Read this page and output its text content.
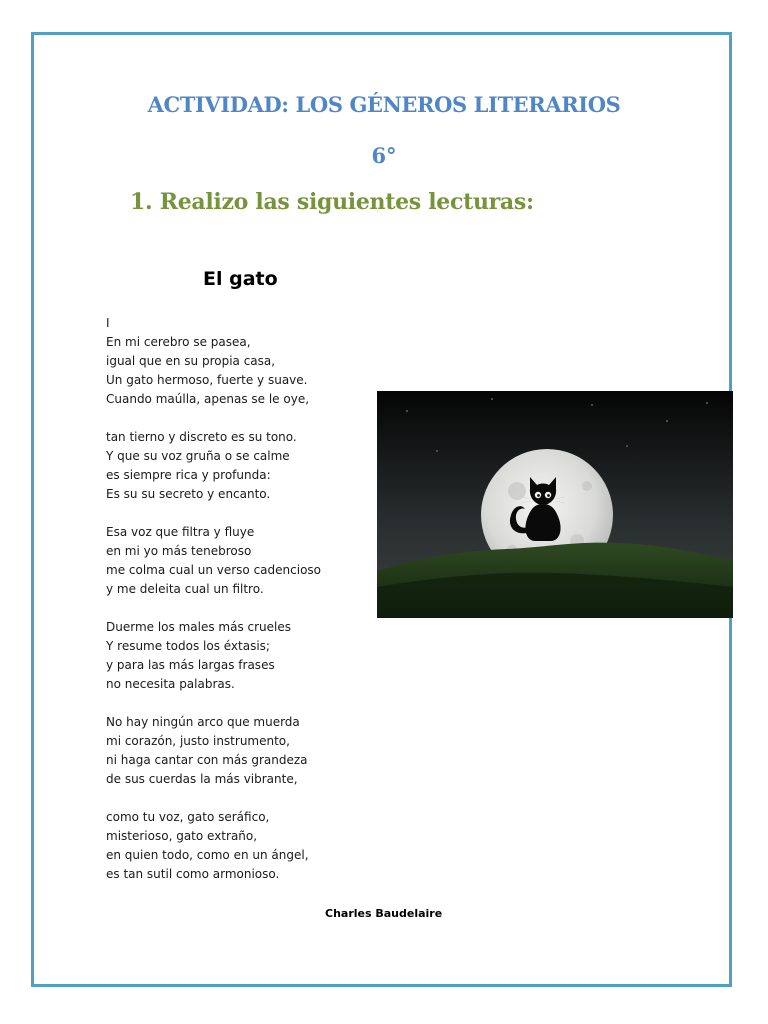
ACTIVIDAD: LOS GÉNEROS LITERARIOS
6°
1. Realizo las siguientes lecturas:
El gato
I
En mi cerebro se pasea,
igual que en su propia casa,
Un gato hermoso, fuerte y suave.
Cuando maúlla, apenas se le oye,
tan tierno y discreto es su tono.
Y que su voz gruña o se calme
es siempre rica y profunda:
Es su su secreto y encanto.
Esa voz que filtra y fluye
en mi yo más tenebroso
me colma cual un verso cadencioso
y me deleita cual un filtro.
Duerme los males más crueles
Y resume todos los éxtasis;
y para las más largas frases
no necesita palabras.
No hay ningún arco que muerda
mi corazón, justo instrumento,
ni haga cantar con más grandeza
de sus cuerdas la más vibrante,
como tu voz, gato seráfico,
misterioso, gato extraño,
en quien todo, como en un ángel,
es tan sutil como armonioso.
Charles Baudelaire
